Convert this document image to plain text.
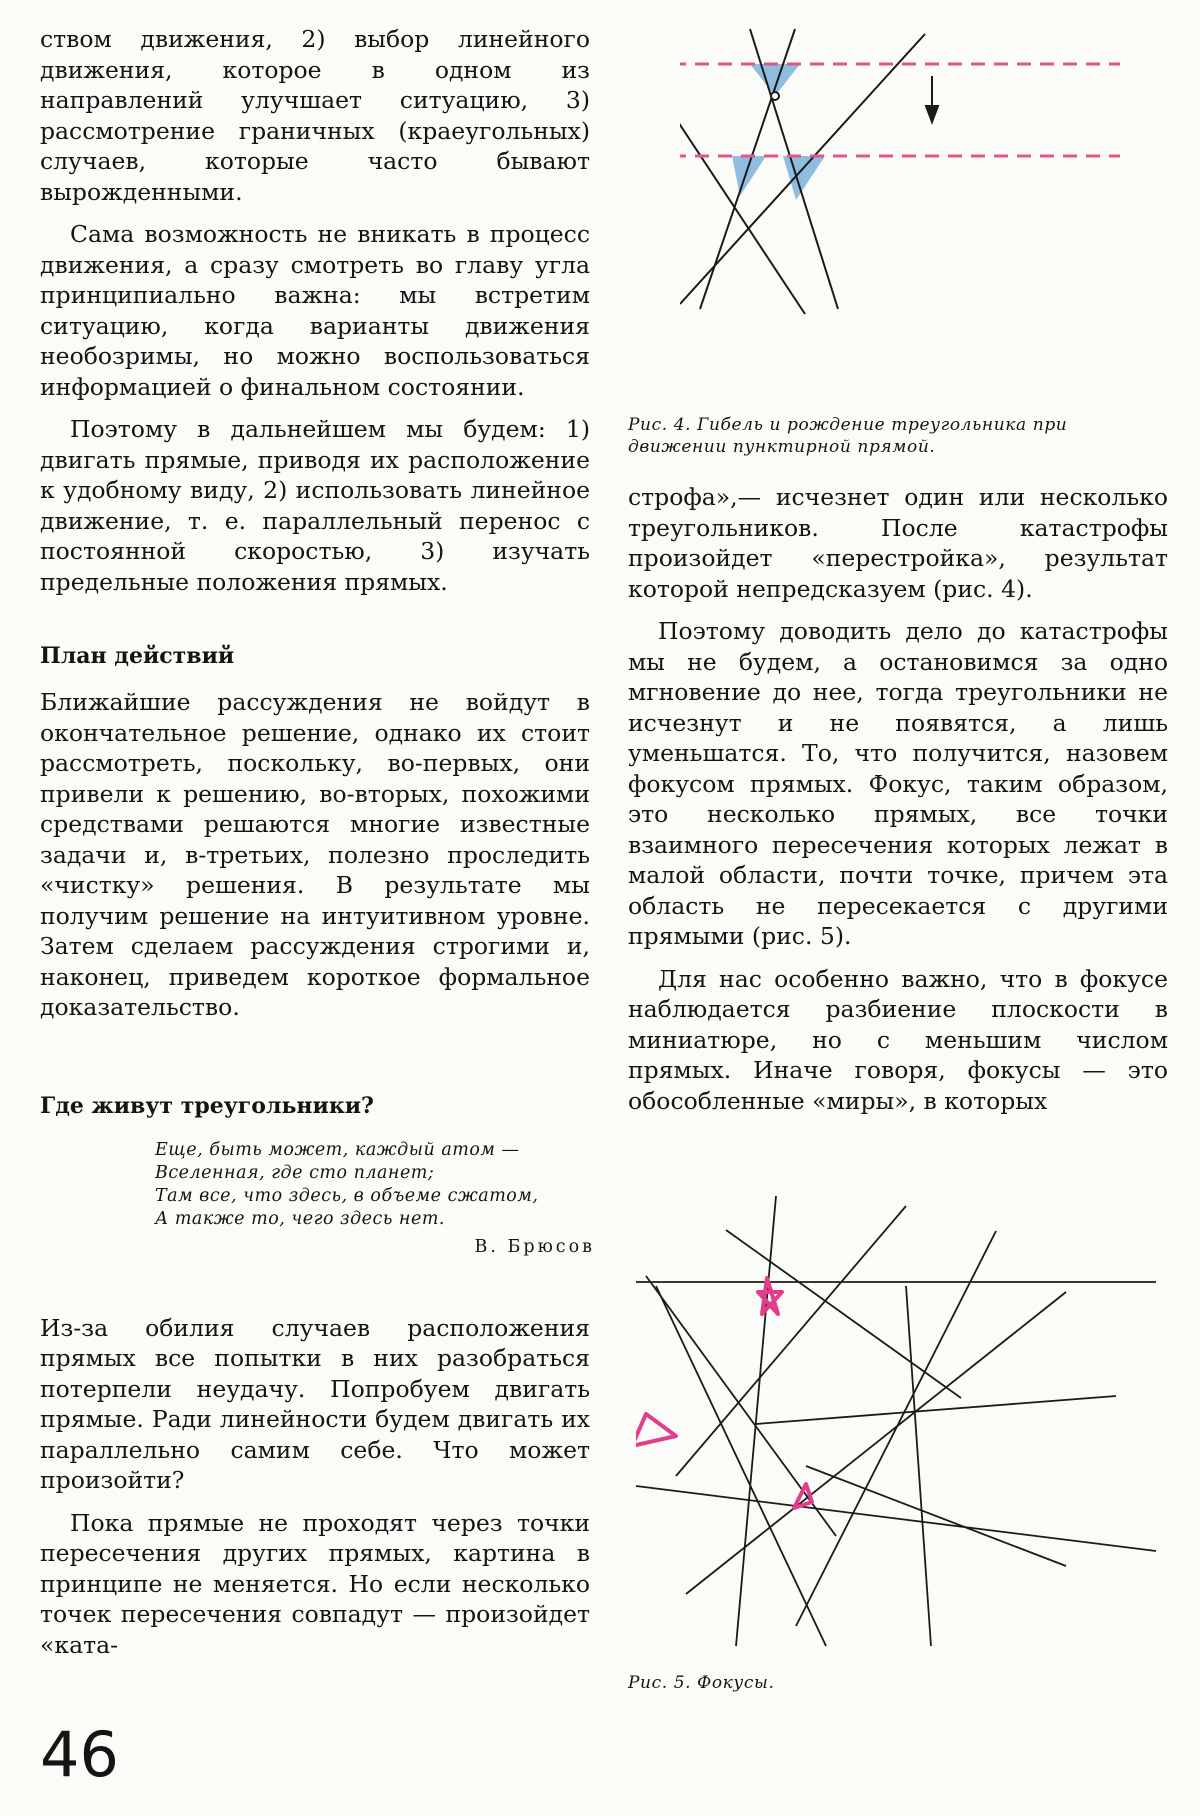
ством движения, 2) выбор линейного движения, которое в одном из направлений улучшает ситуацию, 3) рассмотрение граничных (краеугольных) случаев, которые часто бывают вырожденными.

Сама возможность не вникать в процесс движения, а сразу смотреть во главу угла принципиально важна: мы встретим ситуацию, когда варианты движения необозримы, но можно воспользоваться информацией о финальном состоянии.

Поэтому в дальнейшем мы будем: 1) двигать прямые, приводя их расположение к удобному виду, 2) использовать линейное движение, т. е. параллельный перенос с постоянной скоростью, 3) изучать предельные положения прямых.

План действий

Ближайшие рассуждения не войдут в окончательное решение, однако их стоит рассмотреть, поскольку, во-первых, они привели к решению, во-вторых, похожими средствами решаются многие известные задачи и, в-третьих, полезно проследить «чистку» решения. В результате мы получим решение на интуитивном уровне. Затем сделаем рассуждения строгими и, наконец, приведем короткое формальное доказательство.

Где живут треугольники?
Еще, быть может, каждый атом —
Вселенная, где сто планет;
Там все, что здесь, в объеме сжатом,
А также то, чего здесь нет.
В. Брюсов

Из-за обилия случаев расположения прямых все попытки в них разобраться потерпели неудачу. Попробуем двигать прямые. Ради линейности будем двигать их параллельно самим себе. Что может произойти?

Пока прямые не проходят через точки пересечения других прямых, картина в принципе не меняется. Но если несколько точек пересечения совпадут — произойдет «ката-

Рис. 4. Гибель и рождение треугольника при движении пунктирной прямой.

строфа»,— исчезнет один или несколько треугольников. После катастрофы произойдет «перестройка», результат которой непредсказуем (рис. 4).

Поэтому доводить дело до катастрофы мы не будем, а остановимся за одно мгновение до нее, тогда треугольники не исчезнут и не появятся, а лишь уменьшатся. То, что получится, назовем фокусом прямых. Фокус, таким образом, это несколько прямых, все точки взаимного пересечения которых лежат в малой области, почти точке, причем эта область не пересекается с другими прямыми (рис. 5).

Для нас особенно важно, что в фокусе наблюдается разбиение плоскости в миниатюре, но с меньшим числом прямых. Иначе говоря, фокусы — это обособленные «миры», в которых

Рис. 5. Фокусы.
46
